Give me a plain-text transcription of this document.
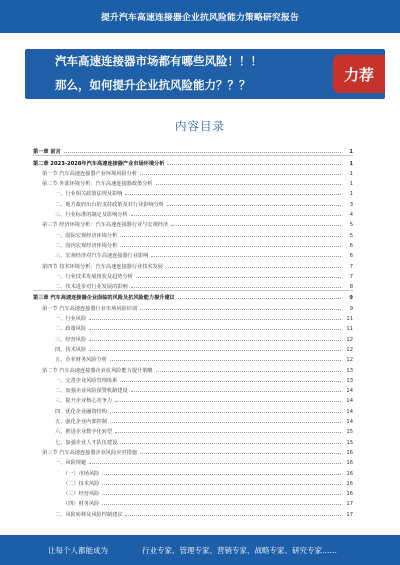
提升汽车高速连接器企业抗风险能力策略研究报告
汽车高速连接器市场都有哪些风险！！！
那么，如何提升企业抗风险能力？？？
力荐
内容目录
第一章 前言	1
第二章 2023-2028年汽车高速连接器产业市场环境分析	1
第一节 汽车高速连接器产业环境风险分析	1
第二节 外部环境分析：汽车高速连接器政策分析	1
一、行业相关政策法规及影响	1
二、地方政府出台的支持政策及对行业影响分析	3
三、行业标准的制定及影响分析	4
第三节 经济环境分析：汽车高速连接器行业与宏观经济	5
一、国际宏观经济环境分析	5
二、国内宏观经济环境分析	6
三、宏观经济对汽车高速连接器行业影响	6
第四节 技术环境分析：汽车高速连接器行业技术发展	7
一、行业技术发展现状及趋势分析	7
二、技术进步对行业发展的影响	8
第三章 汽车高速连接器企业面临的风险及抗风险能力提升建议	9
第一节 汽车高速连接器行业市场风险识别	9
一、行业风险	11
二、政策风险	11
三、经营风险	12
四、技术风险	12
五、企业财务风险分析	12
第二节 汽车高速连接器企业抗风险能力提升策略	13
一、完善企业风险管理体系	13
二、加强企业风险预警机制建设	14
三、提升企业核心竞争力	14
四、优化企业融资结构	14
五、强化企业内部控制	14
六、推进企业数字化转型	15
七、加强企业人才队伍建设	15
第三节 汽车高速连接器企业风险应对措施	16
一、风险规避	16
（一）市场风险	16
（二）技术风险	16
（三）经营风险	16
（四）财务风险	17
二、风险转移及风险控制建议	17
让每个人都能成为	行业专家、管理专家、营销专家、战略专家、研究专家……
